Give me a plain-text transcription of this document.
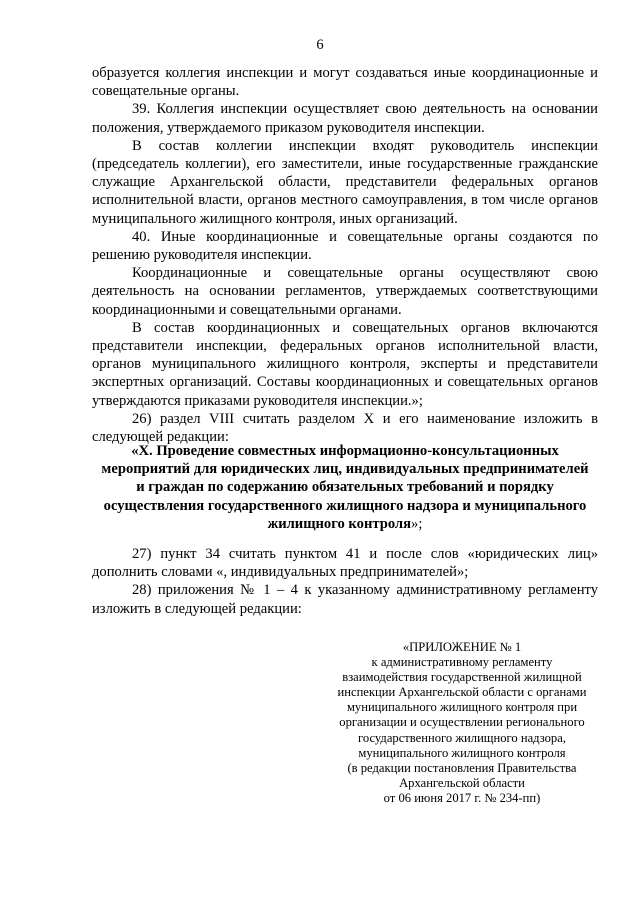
6

образуется коллегия инспекции и могут создаваться иные координационные и совещательные органы.

39. Коллегия инспекции осуществляет свою деятельность на основании положения, утверждаемого приказом руководителя инспекции.

В состав коллегии инспекции входят руководитель инспекции (председатель коллегии), его заместители, иные государственные гражданские служащие Архангельской области, представители федеральных органов исполнительной власти, органов местного самоуправления, в том числе органов муниципального жилищного контроля, иных организаций.

40. Иные координационные и совещательные органы создаются по решению руководителя инспекции.

Координационные и совещательные органы осуществляют свою деятельность на основании регламентов, утверждаемых соответствующими координационными и совещательными органами.

В состав координационных и совещательных органов включаются представители инспекции, федеральных органов исполнительной власти, органов муниципального жилищного контроля, эксперты и представители экспертных организаций. Составы координационных и совещательных органов утверждаются приказами руководителя инспекции.»;

26) раздел VIII считать разделом X и его наименование изложить в следующей редакции:

«X. Проведение совместных информационно-консультационных мероприятий для юридических лиц, индивидуальных предпринимателей и граждан по содержанию обязательных требований и порядку осуществления государственного жилищного надзора и муниципального жилищного контроля»;

27) пункт 34 считать пунктом 41 и после слов «юридических лиц» дополнить словами «, индивидуальных предпринимателей»;

28) приложения № 1 – 4 к указанному административному регламенту изложить в следующей редакции:

«ПРИЛОЖЕНИЕ № 1
к административному регламенту
взаимодействия государственной жилищной
инспекции Архангельской области с органами
муниципального жилищного контроля при
организации и осуществлении регионального
государственного жилищного надзора,
муниципального жилищного контроля
(в редакции постановления Правительства
Архангельской области
от 06 июня 2017 г. № 234-пп)
